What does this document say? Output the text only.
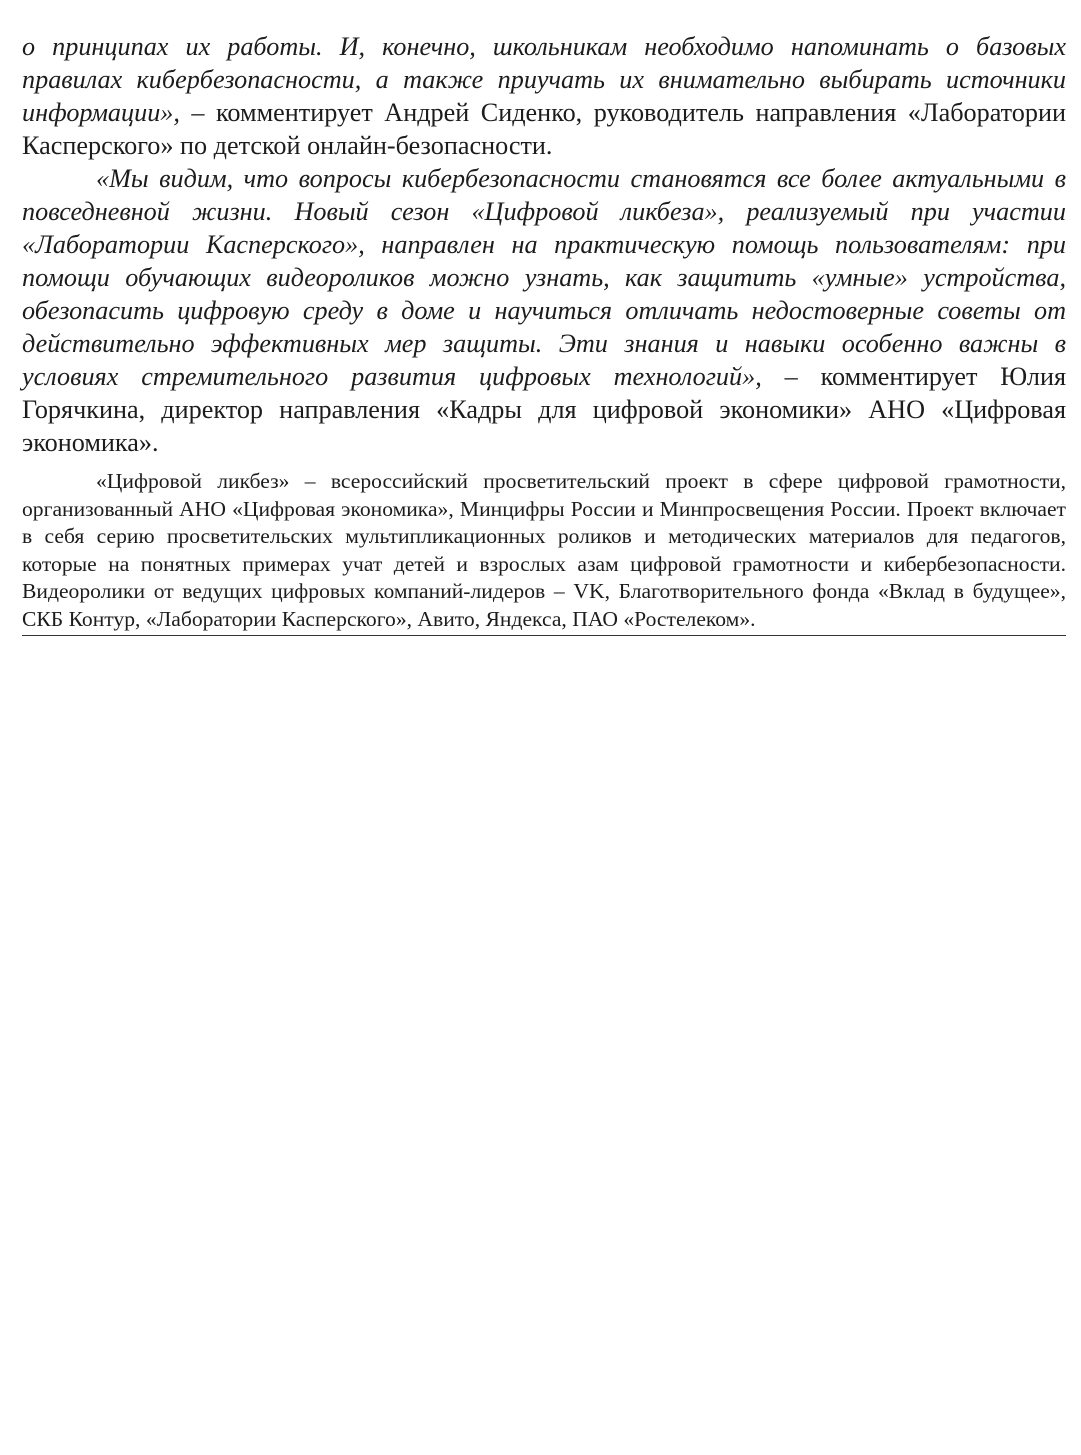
о принципах их работы. И, конечно, школьникам необходимо напоминать о базовых правилах кибербезопасности, а также приучать их внимательно выбирать источники информации», – комментирует Андрей Сиденко, руководитель направления «Лаборатории Касперского» по детской онлайн-безопасности.

«Мы видим, что вопросы кибербезопасности становятся все более актуальными в повседневной жизни. Новый сезон «Цифровой ликбеза», реализуемый при участии «Лаборатории Касперского», направлен на практическую помощь пользователям: при помощи обучающих видеороликов можно узнать, как защитить «умные» устройства, обезопасить цифровую среду в доме и научиться отличать недостоверные советы от действительно эффективных мер защиты. Эти знания и навыки особенно важны в условиях стремительного развития цифровых технологий», – комментирует Юлия Горячкина, директор направления «Кадры для цифровой экономики» АНО «Цифровая экономика».

«Цифровой ликбез» – всероссийский просветительский проект в сфере цифровой грамотности, организованный АНО «Цифровая экономика», Минцифры России и Минпросвещения России. Проект включает в себя серию просветительских мультипликационных роликов и методических материалов для педагогов, которые на понятных примерах учат детей и взрослых азам цифровой грамотности и кибербезопасности. Видеоролики от ведущих цифровых компаний-лидеров – VK, Благотворительного фонда «Вклад в будущее», СКБ Контур, «Лаборатории Касперского», Авито, Яндекса, ПАО «Ростелеком».
